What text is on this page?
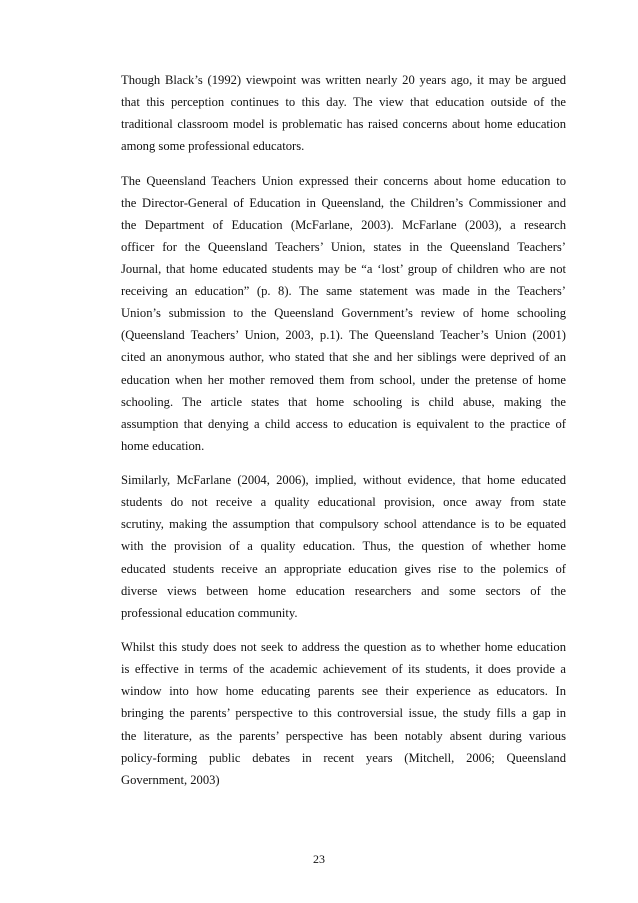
Though Black’s (1992) viewpoint was written nearly 20 years ago, it may be argued
that this perception continues to this day. The view that education outside of the
traditional classroom model is problematic has raised concerns about home education
among some professional educators.
The Queensland Teachers Union expressed their concerns about home education to
the Director-General of Education in Queensland, the Children’s Commissioner and
the Department of Education (McFarlane, 2003). McFarlane (2003), a research
officer for the Queensland Teachers’ Union, states in the Queensland Teachers’
Journal, that home educated students may be “a ‘lost’ group of children who are not
receiving an education” (p. 8). The same statement was made in the Teachers’
Union’s submission to the Queensland Government’s review of home schooling
(Queensland Teachers’ Union, 2003, p.1). The Queensland Teacher’s Union (2001)
cited an anonymous author, who stated that she and her siblings were deprived of an
education when her mother removed them from school, under the pretense of home
schooling. The article states that home schooling is child abuse, making the
assumption that denying a child access to education is equivalent to the practice of
home education.
Similarly, McFarlane (2004, 2006), implied, without evidence, that home educated
students do not receive a quality educational provision, once away from state
scrutiny, making the assumption that compulsory school attendance is to be equated
with the provision of a quality education. Thus, the question of whether home
educated students receive an appropriate education gives rise to the polemics of
diverse views between home education researchers and some sectors of the
professional education community.
Whilst this study does not seek to address the question as to whether home education
is effective in terms of the academic achievement of its students, it does provide a
window into how home educating parents see their experience as educators. In
bringing the parents’ perspective to this controversial issue, the study fills a gap in
the literature, as the parents’ perspective has been notably absent during various
policy-forming public debates in recent years (Mitchell, 2006; Queensland
Government, 2003)
23
